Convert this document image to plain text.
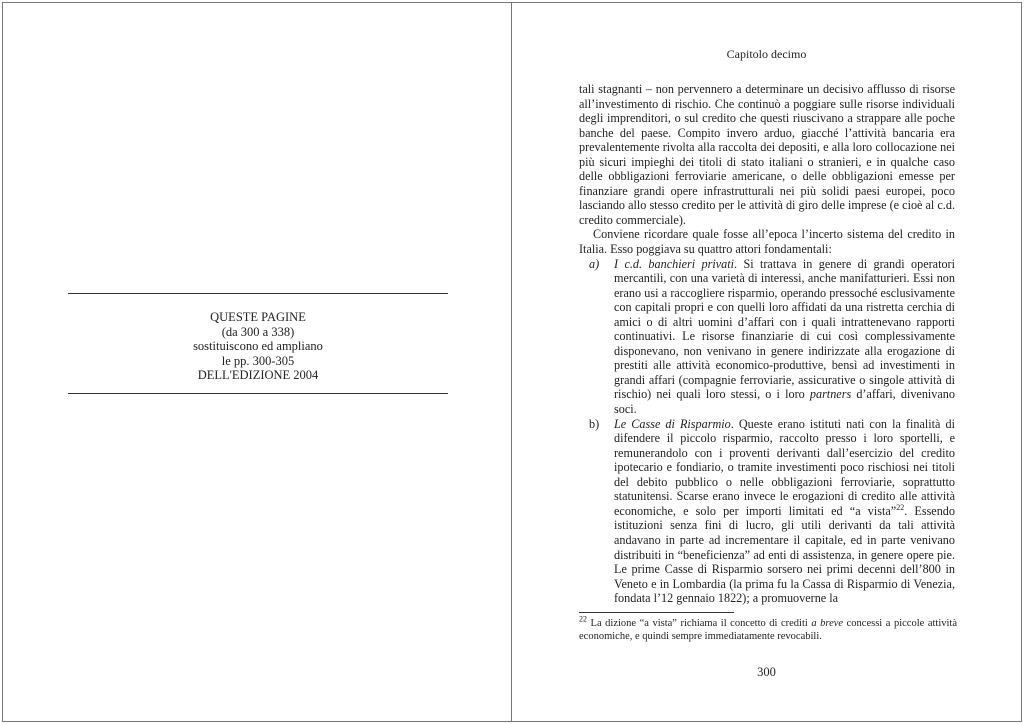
QUESTE PAGINE
(da 300 a 338)
sostituiscono ed ampliano
le pp. 300-305
DELL'EDIZIONE 2004
Capitolo decimo

tali stagnanti – non pervennero a determinare un decisivo afflusso di risorse all’investimento di rischio. Che continuò a poggiare sulle risorse individuali degli imprenditori, o sul credito che questi riuscivano a strappare alle poche banche del paese. Compito invero arduo, giacché l’attività bancaria era prevalentemente rivolta alla raccolta dei depositi, e alla loro collocazione nei più sicuri impieghi dei titoli di stato italiani o stranieri, e in qualche caso delle obbligazioni ferroviarie americane, o delle obbligazioni emesse per finanziare grandi opere infrastrutturali nei più solidi paesi europei, poco lasciando allo stesso credito per le attività di giro delle imprese (e cioè al c.d. credito commerciale).

Conviene ricordare quale fosse all’epoca l’incerto sistema del credito in Italia. Esso poggiava su quattro attori fondamentali:

a) I c.d. banchieri privati. Si trattava in genere di grandi operatori mercantili, con una varietà di interessi, anche manifatturieri. Essi non erano usi a raccogliere risparmio, operando pressoché esclusivamente con capitali propri e con quelli loro affidati da una ristretta cerchia di amici o di altri uomini d’affari con i quali intrattenevano rapporti continuativi. Le risorse finanziarie di cui così complessivamente disponevano, non venivano in genere indirizzate alla erogazione di prestiti alle attività economico-produttive, bensì ad investimenti in grandi affari (compagnie ferroviarie, assicurative o singole attività di rischio) nei quali loro stessi, o i loro partners d’affari, divenivano soci.
b) Le Casse di Risparmio. Queste erano istituti nati con la finalità di difendere il piccolo risparmio, raccolto presso i loro sportelli, e remunerandolo con i proventi derivanti dall’esercizio del credito ipotecario e fondiario, o tramite investimenti poco rischiosi nei titoli del debito pubblico o nelle obbligazioni ferroviarie, soprattutto statunitensi. Scarse erano invece le erogazioni di credito alle attività economiche, e solo per importi limitati ed “a vista”$^{22}$. Essendo istituzioni senza fini di lucro, gli utili derivanti da tali attività andavano in parte ad incrementare il capitale, ed in parte venivano distribuiti in “beneficienza” ad enti di assistenza, in genere opere pie. Le prime Casse di Risparmio sorsero nei primi decenni dell’800 in Veneto e in Lombardia (la prima fu la Cassa di Risparmio di Venezia, fondata l’12 gennaio 1822); a promuoverne la
$^{22}$ La dizione “a vista” richiama il concetto di crediti a breve concessi a piccole attività economiche, e quindi sempre immediatamente revocabili.
300
